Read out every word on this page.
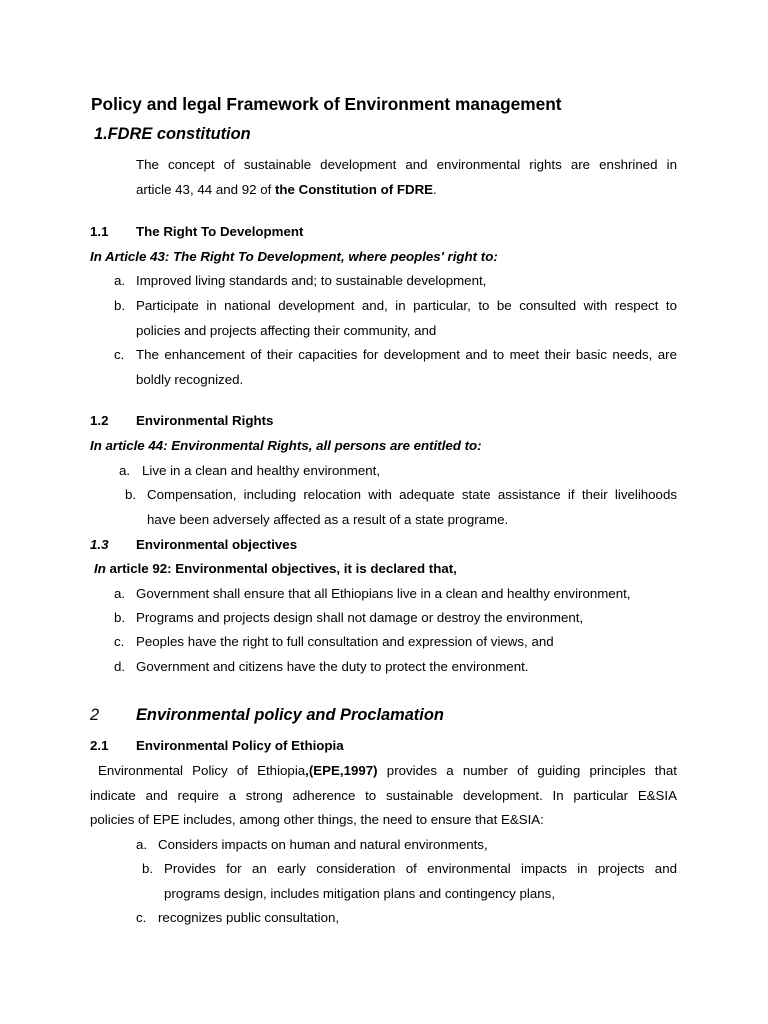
Policy and legal Framework of Environment management
1.FDRE constitution
The concept of sustainable development and environmental rights are enshrined in
article 43, 44 and 92 of the Constitution of FDRE.
1.1 The Right To Development
In Article 43: The Right To Development, where peoples' right to:
a. Improved living standards and; to sustainable development,
b. Participate in national development and, in particular, to be consulted with respect to
policies and projects affecting their community, and
c. The enhancement of their capacities for development and to meet their basic needs, are
boldly recognized.
1.2 Environmental Rights
In article 44: Environmental Rights, all persons are entitled to:
a. Live in a clean and healthy environment,
b. Compensation, including relocation with adequate state assistance if their livelihoods
have been adversely affected as a result of a state programe.
1.3 Environmental objectives
In article 92: Environmental objectives, it is declared that,
a. Government shall ensure that all Ethiopians live in a clean and healthy environment,
b. Programs and projects design shall not damage or destroy the environment,
c. Peoples have the right to full consultation and expression of views, and
d. Government and citizens have the duty to protect the environment.
2 Environmental policy and Proclamation
2.1 Environmental Policy of Ethiopia
Environmental Policy of Ethiopia,(EPE,1997) provides a number of guiding principles that
indicate and require a strong adherence to sustainable development. In particular E&SIA
policies of EPE includes, among other things, the need to ensure that E&SIA:
a. Considers impacts on human and natural environments,
b. Provides for an early consideration of environmental impacts in projects and
programs design, includes mitigation plans and contingency plans,
c. recognizes public consultation,
